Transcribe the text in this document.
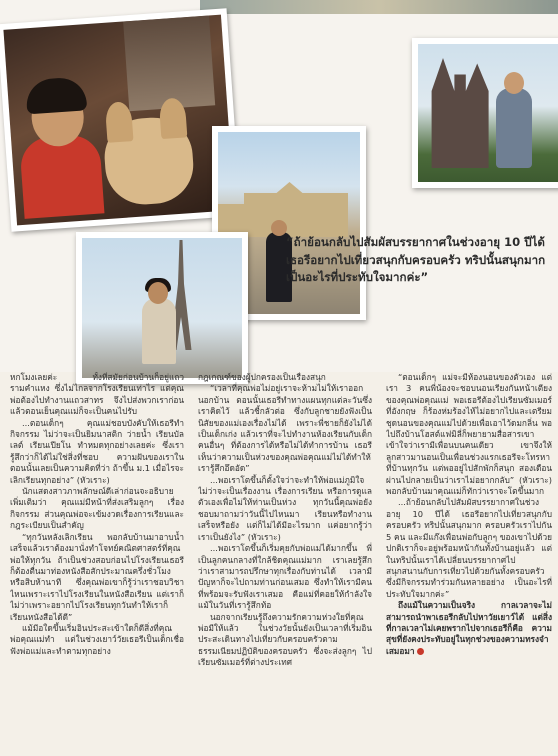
“ถ้าย้อนกลับไปสัมผัสบรรยากาศในช่วงอายุ 10 ปีได้ เธอรีอยากไปเที่ยวสนุกกับครอบครัว ทริปนั้นสนุกมากเป็นอะไรที่ประทับใจมากค่ะ”

หกโมงเลยค่ะ ทั้งที่สมัยก่อนบ้านก็อยู่แถวรามคำแหง ซึ่งไม่ไกลจากโรงเรียนเท่าไร แต่คุณพ่อต้องไปทำงานแถวสาทร จึงไปส่งพวกเราก่อน แล้วตอนเย็นคุณแม่ก็จะเป็นคนไปรับ

...ตอนเด็กๆ คุณแม่ชอบบังคับให้เธอรีทำกิจกรรม ไม่ว่าจะเป็นยิมนาสติก ว่ายน้ำ เรียนบัลเลต์ เรียนเปียโน ทำหมดทุกอย่างเลยค่ะ ซึ่งเรารู้สึกว่าก็ได้ไม่ใช่สิ่งที่ชอบ ความฝันของเราในตอนนั้นเลยเป็นความคิดที่ว่า ถ้าขึ้น ม.1 เมื่อไรจะเลิกเรียนทุกอย่าง” (หัวเราะ)

นักแสดงสาวภาพลักษณ์ดีเล่าก่อนจะอธิบายเพิ่มเติมว่า คุณแม่มีหน้าที่ส่งเสริมลูกๆ เรื่องกิจกรรม ส่วนคุณพ่อจะเข้มงวดเรื่องการเรียนและกฎระเบียบเป็นสำคัญ

“ทุกวันหลังเลิกเรียน พอกลับบ้านมาอาบน้ำเสร็จแล้วเราต้องมานั่งทำโจทย์คณิตศาสตร์ที่คุณพ่อให้ทุกวัน ถ้าเป็นช่วงสอบก่อนไปโรงเรียนเธอรีก็ต้องตื่นมาท่องหนังสือสักประมาณครึ่งชั่วโมงหรือสิบห้านาที ซึ่งคุณพ่อเขาก็รู้ว่าเราชอบวิชาไหนเพราะเราไปโรงเรียนในหนังสือเรียน แต่เราก็ไม่ว่าเพราะอยากไปโรงเรียนทุกวันทำให้เราก็เรียนหนังสือได้ดี”

แม้มีอใดขึ้นเริ่มอินประสะเข้าใดก็ดีสิ่งที่คุณพ่อคุณแม่ทำ แต่ในช่วงเยาว์วัยเธอรีเป็นเด็กเชื่อฟังพ่อแม่และทำตามทุกอย่าง

กฎเกณฑ์ของผู้ปกครองเป็นเรื่องสนุก

“เวลาที่คุณพ่อไม่อยู่เราจะห้ามไม่ให้เราออกนอกบ้าน ตอนนั้นเธอรีทำทางแผนทุกแต่ละวันซึ่งเราคิดไว้ แล้วชี้กลัวต่อ ซึ่งกับลูกชายยังฟังเป็นนิสัยของแม่เองเรื่องไม่ได้ เพราะพี่ชายก็ยังไม่ได้เป็นเด็กเก่ง แล้วเราที่จะไปทำงานห้องเรียนกับเด็กคนอื่นๆ ที่ต้องการได้หรือไม่ได้ทำการบ้าน เธอรีเห็นว่าความเป็นห่วงของคุณพ่อคุณแม่ไม่ได้ทำให้เรารู้สึกอึดอัด”

...พอเราโตขึ้นก็ตั้งใจว่าจะทำให้พ่อแม่ภูมิใจ ไม่ว่าจะเป็นเรื่องงาน เรื่องการเรียน หรือการดูแลตัวเองเพื่อไม่ให้ท่านเป็นห่วง ทุกวันนี้คุณพ่อยังชอบมาถามว่าวันนี้ไปไหนมา เรียนหรือทำงานเสร็จหรือยัง แต่ก็ไม่ได้มีอะไรมาก แค่อยากรู้ว่าเราเป็นยังไง” (หัวเราะ)

...พอเราโตขึ้นก็เริ่มคุยกับพ่อแม่ได้มากขึ้น พี่เป็นลูกคนกลางที่ใกล้ชิดคุณแม่มาก เราเลยรู้สึกว่าเราสามารถปรึกษาทุกเรื่องกับท่านได้ เวลามีปัญหาก็จะไปถามท่านก่อนเสมอ ซึ่งทำให้เรามีคนที่พร้อมจะรับฟังเราเสมอ คือแม่ที่คอยให้กำลังใจแม้ในวันที่เรารู้สึกท้อ

นอกจากเรียนรู้ถึงความรักความห่วงใยที่คุณพ่อมีให้แล้ว ในช่วงวัยนั้นยังเป็นเวลาที่เริ่มอินประสะเดินทางไปเที่ยวกับครอบครัวตามธรรมเนียมปฏิบัติของครอบครัว ซึ่งจะส่งลูกๆ ไปเรียนซัมเมอร์ที่ต่างประเทศ

“ตอนเด็กๆ แม่จะมีห้องนอนของตัวเอง แต่เรา 3 คนพี่น้องจะชอบนอนเรียงกันหน้าเตียงของคุณพ่อคุณแม่ พอเธอรีต้องไปเรียนซัมเมอร์ที่อังกฤษ ก็ร้องห่มร้องไห้ไม่อยากไปและเตรียมชุดนอนของคุณแม่ไปด้วยเพื่อเอาไว้ดมกลิ่น พอไปถึงบ้านโฮสต์แฟมิลี่ก็พยายามสื่อสารเขาเข้าใจว่าเรามีเพื่อนบนคนเดียว เขาจึงให้ลูกสาวมานอนเป็นเพื่อนช่วงแรกเธอรีจะโทรหาที่บ้านทุกวัน แต่พออยู่ไปสักพักก็สนุก สองเดือนผ่านไปกลายเป็นว่าเราไม่อยากกลับ” (หัวเราะ) พอกลับบ้านมาคุณแม่ก็ทักว่าเราจะโตขึ้นมาก

...ถ้าย้อนกลับไปสัมผัสบรรยากาศในช่วงอายุ 10 ปีได้ เธอรีอยากไปเที่ยวสนุกกับครอบครัว ทริปนั้นสนุกมาก ครอบครัวเราไปกัน 5 คน และมีแก๊งเพื่อนพ่อกับลูกๆ ของเขาไปด้วย ปกติเราก็จะอยู่พร้อมหน้ากันทั้งบ้านอยู่แล้ว แต่ในทริปนั้นเราได้เปลี่ยนบรรยากาศไปสนุกสนานกับการเที่ยวไปด้วยกันทั้งครอบครัว ซึ่งมีกิจกรรมทำร่วมกันหลายอย่าง เป็นอะไรที่ประทับใจมากค่ะ”

ถึงแม้ในความเป็นจริง กาลเวลาจะไม่สามารถนำพาเธอรีกลับไปหาวัยเยาว์ได้ แต่สิ่งที่กาลเวลาไม่เคยพรากไปจากเธอรีก็คือ ความสุขที่ยังคงประทับอยู่ในทุกช่วงของความทรงจำเสมอมา
